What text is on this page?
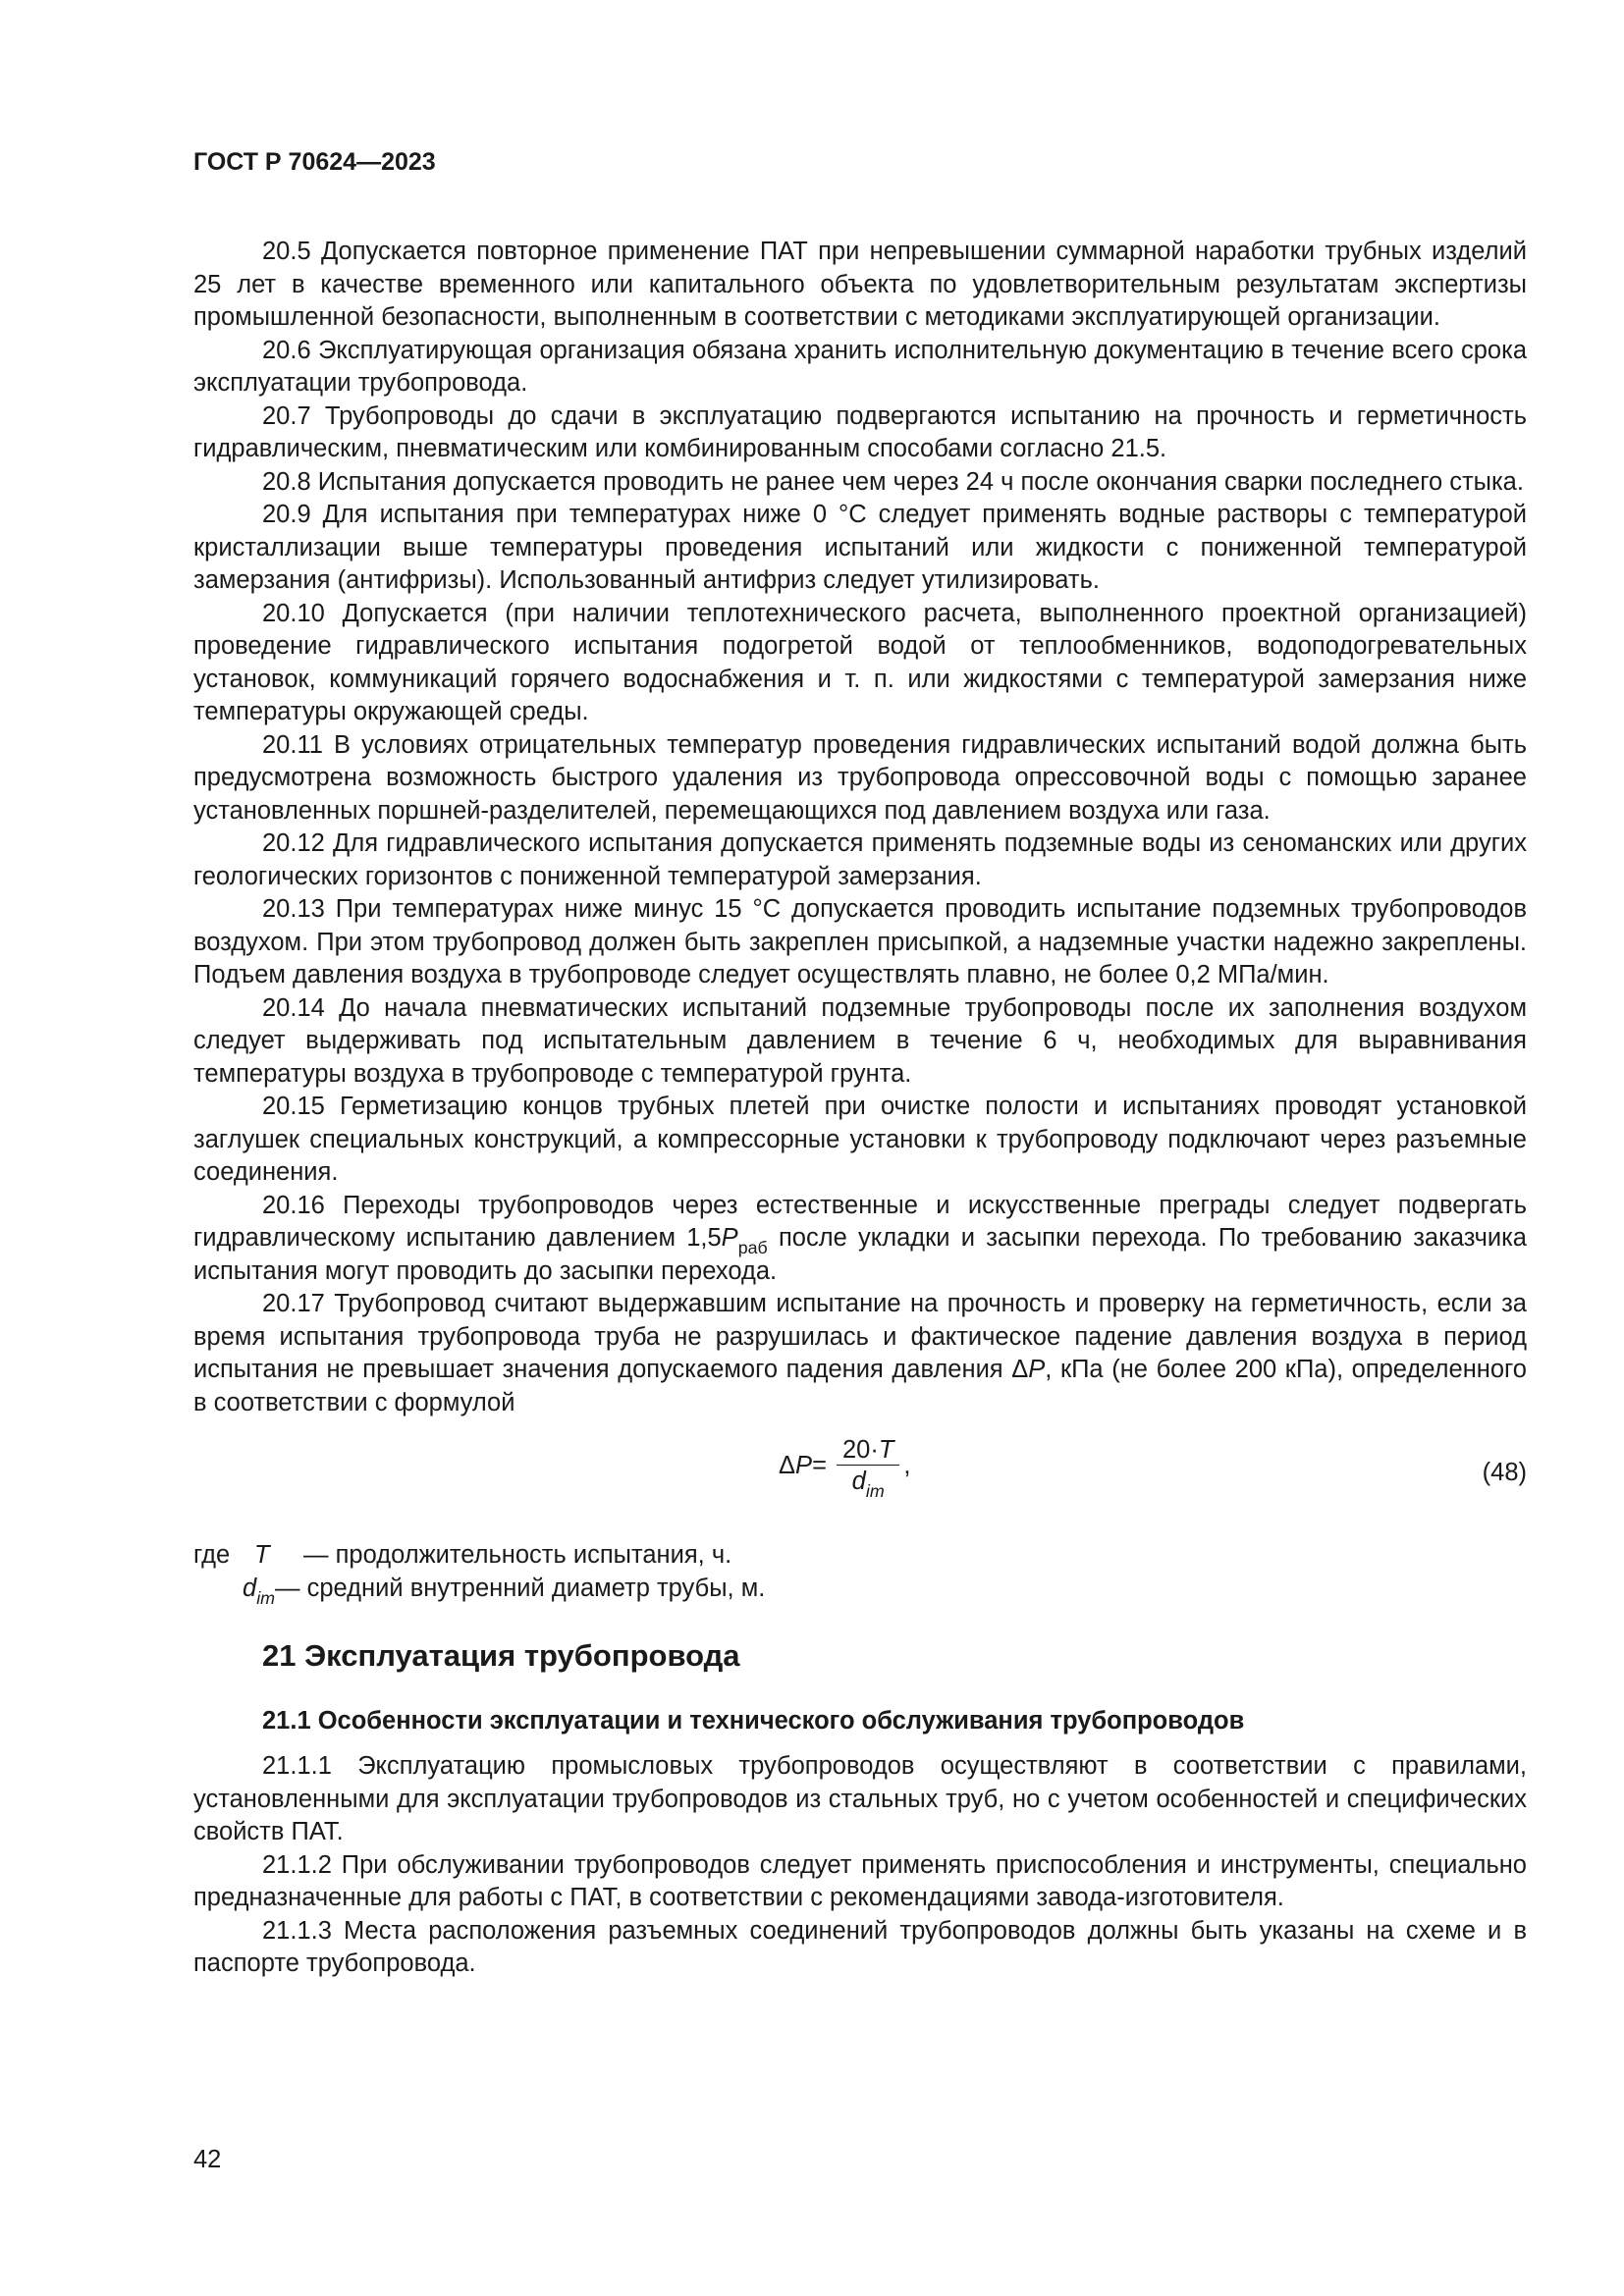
ГОСТ Р 70624—2023

20.5 Допускается повторное применение ПАТ при непревышении суммарной наработки трубных изделий 25 лет в качестве временного или капитального объекта по удовлетворительным результатам экспертизы промышленной безопасности, выполненным в соответствии с методиками эксплуатирующей организации.

20.6 Эксплуатирующая организация обязана хранить исполнительную документацию в течение всего срока эксплуатации трубопровода.

20.7 Трубопроводы до сдачи в эксплуатацию подвергаются испытанию на прочность и герметичность гидравлическим, пневматическим или комбинированным способами согласно 21.5.

20.8 Испытания допускается проводить не ранее чем через 24 ч после окончания сварки последнего стыка.

20.9 Для испытания при температурах ниже 0 °С следует применять водные растворы с температурой кристаллизации выше температуры проведения испытаний или жидкости с пониженной температурой замерзания (антифризы). Использованный антифриз следует утилизировать.

20.10 Допускается (при наличии теплотехнического расчета, выполненного проектной организацией) проведение гидравлического испытания подогретой водой от теплообменников, водоподогревательных установок, коммуникаций горячего водоснабжения и т. п. или жидкостями с температурой замерзания ниже температуры окружающей среды.

20.11 В условиях отрицательных температур проведения гидравлических испытаний водой должна быть предусмотрена возможность быстрого удаления из трубопровода опрессовочной воды с помощью заранее установленных поршней-разделителей, перемещающихся под давлением воздуха или газа.

20.12 Для гидравлического испытания допускается применять подземные воды из сеноманских или других геологических горизонтов с пониженной температурой замерзания.

20.13 При температурах ниже минус 15 °С допускается проводить испытание подземных трубопроводов воздухом. При этом трубопровод должен быть закреплен присыпкой, а надземные участки надежно закреплены. Подъем давления воздуха в трубопроводе следует осуществлять плавно, не более 0,2 МПа/мин.

20.14 До начала пневматических испытаний подземные трубопроводы после их заполнения воздухом следует выдерживать под испытательным давлением в течение 6 ч, необходимых для выравнивания температуры воздуха в трубопроводе с температурой грунта.

20.15 Герметизацию концов трубных плетей при очистке полости и испытаниях проводят установкой заглушек специальных конструкций, а компрессорные установки к трубопроводу подключают через разъемные соединения.

20.16 Переходы трубопроводов через естественные и искусственные преграды следует подвергать гидравлическому испытанию давлением $1,5P_{раб}$ после укладки и засыпки перехода. По требованию заказчика испытания могут проводить до засыпки перехода.

20.17 Трубопровод считают выдержавшим испытание на прочность и проверку на герметичность, если за время испытания трубопровода труба не разрушилась и фактическое падение давления воздуха в период испытания не превышает значения допускаемого падения давления ΔP, кПа (не более 200 кПа), определенного в соответствии с формулой

Δ $P = \frac{20\cdot T}{d_{im}}$ ,	(48)
где T	— продолжительность испытания, ч.
$d_{im}$ — средний внутренний диаметр трубы, м.
21 Эксплуатация трубопровода
21.1 Особенности эксплуатации и технического обслуживания трубопроводов

21.1.1 Эксплуатацию промысловых трубопроводов осуществляют в соответствии с правилами, установленными для эксплуатации трубопроводов из стальных труб, но с учетом особенностей и специфических свойств ПАТ.

21.1.2 При обслуживании трубопроводов следует применять приспособления и инструменты, специально предназначенные для работы с ПАТ, в соответствии с рекомендациями завода-изготовителя.

21.1.3 Места расположения разъемных соединений трубопроводов должны быть указаны на схеме и в паспорте трубопровода.

42
